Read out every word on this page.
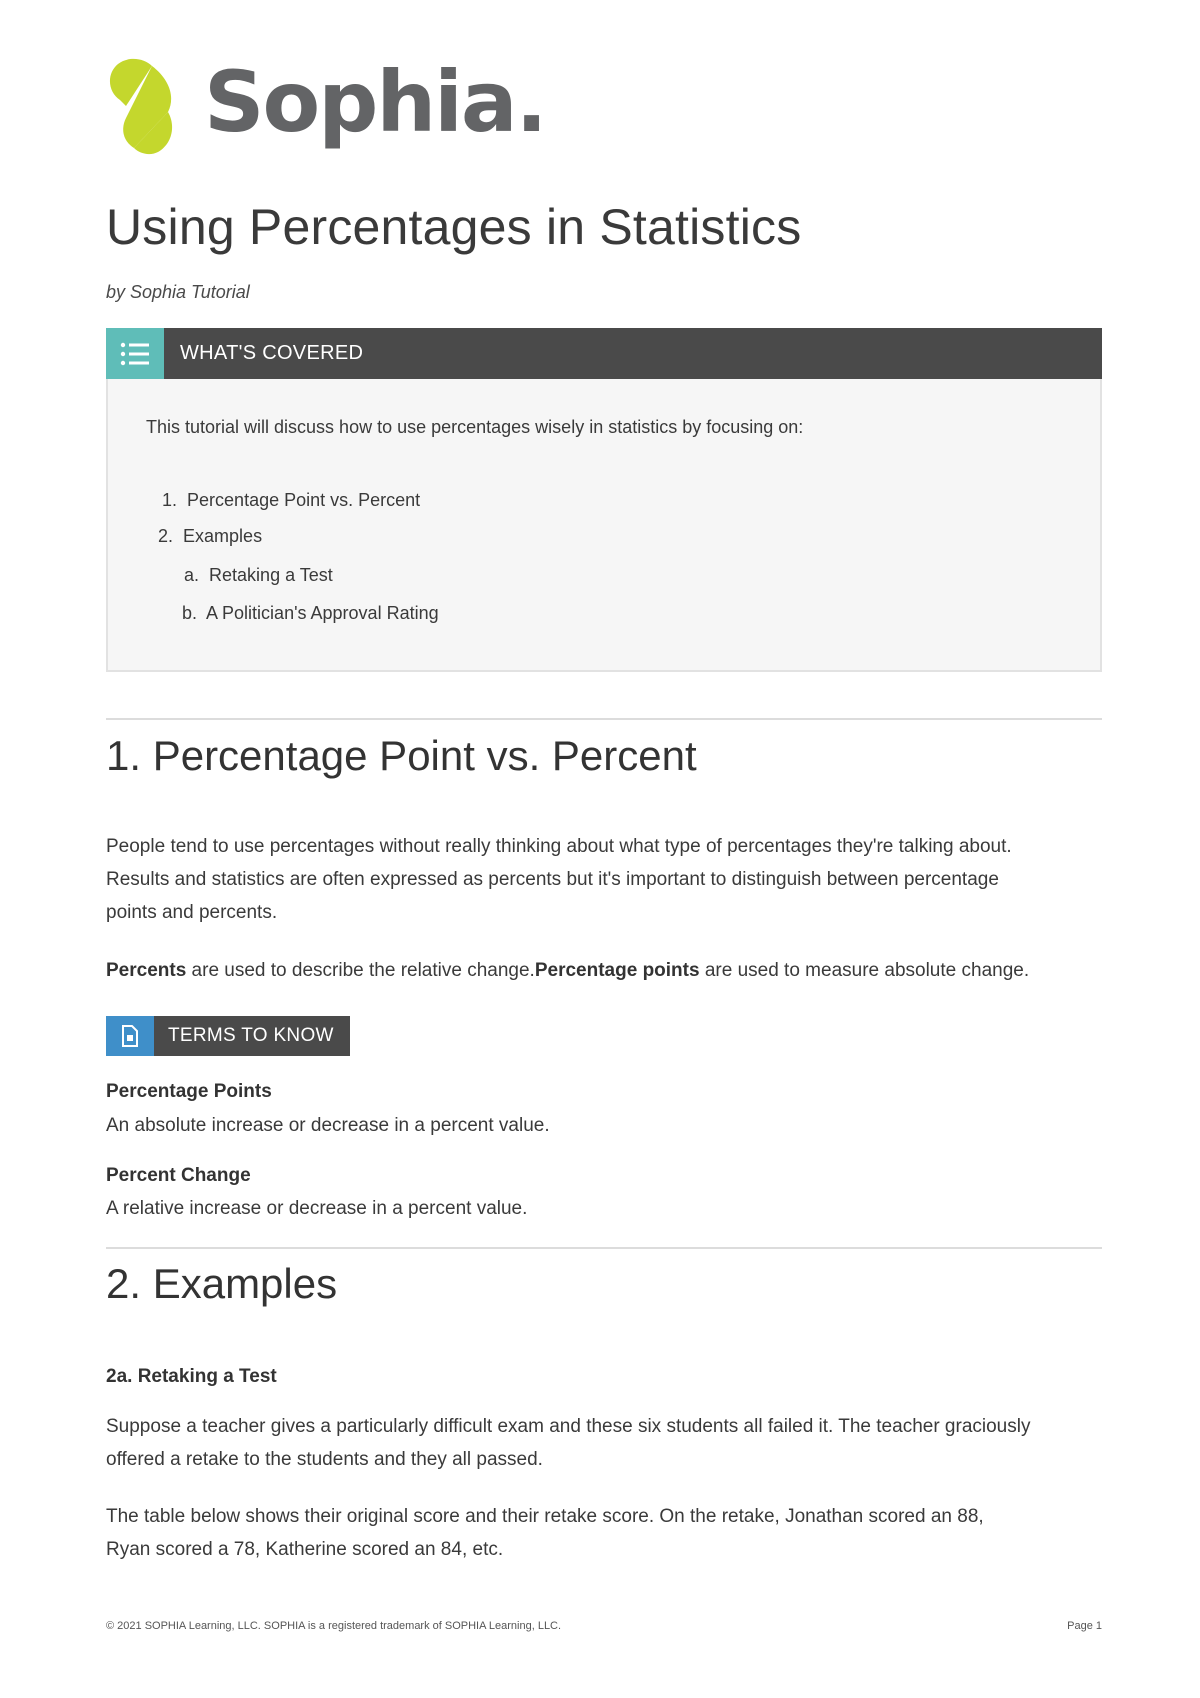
Sophia.
Using Percentages in Statistics
by Sophia Tutorial
WHAT'S COVERED
This tutorial will discuss how to use percentages wisely in statistics by focusing on:
1. Percentage Point vs. Percent
2. Examples
a. Retaking a Test
b. A Politician's Approval Rating
1. Percentage Point vs. Percent

People tend to use percentages without really thinking about what type of percentages they're talking about.
Results and statistics are often expressed as percents but it's important to distinguish between percentage
points and percents.

Percents are used to describe the relative change.Percentage points are used to measure absolute change.

TERMS TO KNOW
Percentage Points
An absolute increase or decrease in a percent value.
Percent Change
A relative increase or decrease in a percent value.
2. Examples
2a. Retaking a Test

Suppose a teacher gives a particularly difficult exam and these six students all failed it. The teacher graciously
offered a retake to the students and they all passed.

The table below shows their original score and their retake score. On the retake, Jonathan scored an 88,
Ryan scored a 78, Katherine scored an 84, etc.

© 2021 SOPHIA Learning, LLC. SOPHIA is a registered trademark of SOPHIA Learning, LLC.	Page 1
